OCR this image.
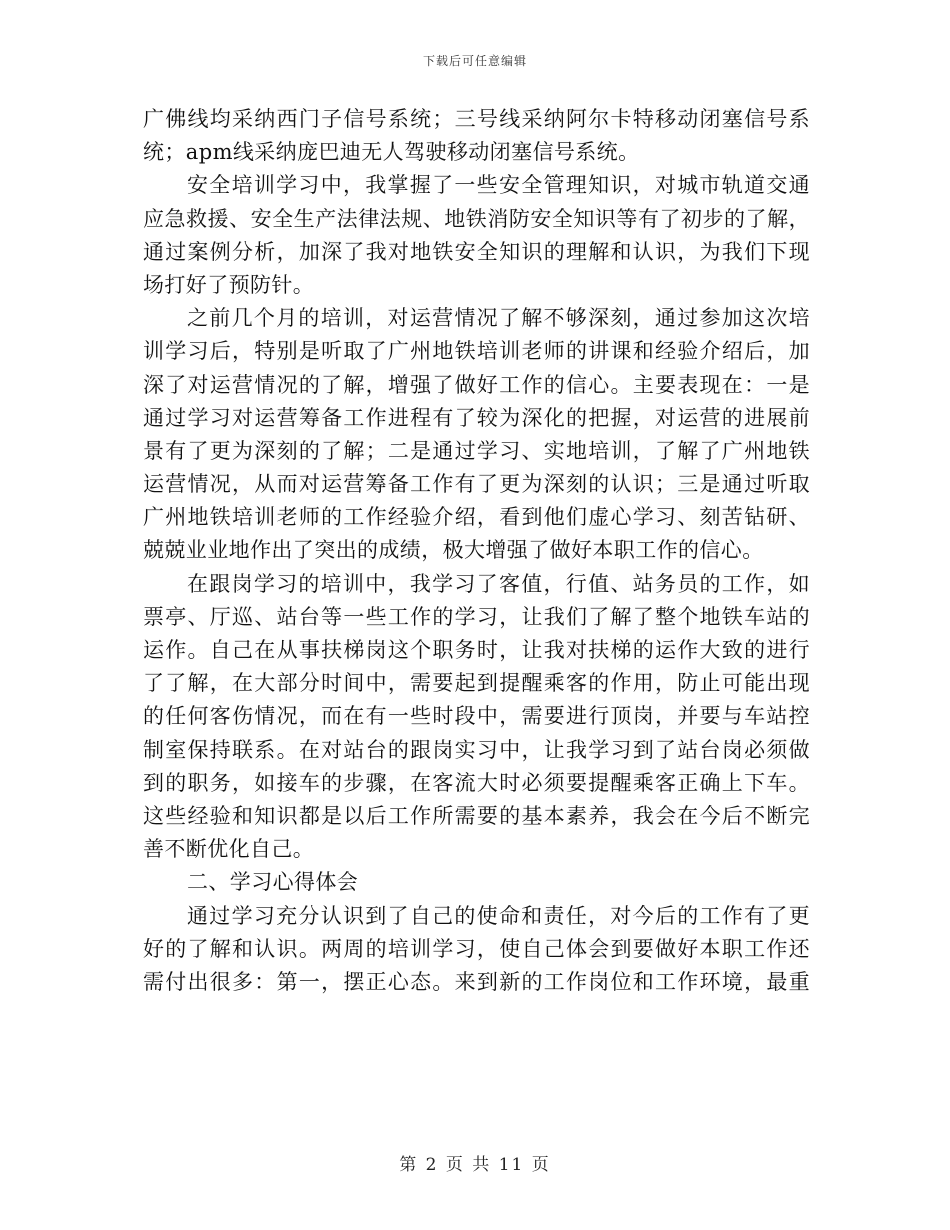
下载后可任意编辑
广佛线均采纳西门子信号系统；三号线采纳阿尔卡特移动闭塞信号系
统；apm线采纳庞巴迪无人驾驶移动闭塞信号系统。
安全培训学习中，我掌握了一些安全管理知识，对城市轨道交通
应急救援、安全生产法律法规、地铁消防安全知识等有了初步的了解，
通过案例分析，加深了我对地铁安全知识的理解和认识，为我们下现
场打好了预防针。
之前几个月的培训，对运营情况了解不够深刻，通过参加这次培
训学习后，特别是听取了广州地铁培训老师的讲课和经验介绍后，加
深了对运营情况的了解，增强了做好工作的信心。主要表现在：一是
通过学习对运营筹备工作进程有了较为深化的把握，对运营的进展前
景有了更为深刻的了解；二是通过学习、实地培训，了解了广州地铁
运营情况，从而对运营筹备工作有了更为深刻的认识；三是通过听取
广州地铁培训老师的工作经验介绍，看到他们虚心学习、刻苦钻研、
兢兢业业地作出了突出的成绩，极大增强了做好本职工作的信心。
在跟岗学习的培训中，我学习了客值，行值、站务员的工作，如
票亭、厅巡、站台等一些工作的学习，让我们了解了整个地铁车站的
运作。自己在从事扶梯岗这个职务时，让我对扶梯的运作大致的进行
了了解，在大部分时间中，需要起到提醒乘客的作用，防止可能出现
的任何客伤情况，而在有一些时段中，需要进行顶岗，并要与车站控
制室保持联系。在对站台的跟岗实习中，让我学习到了站台岗必须做
到的职务，如接车的步骤，在客流大时必须要提醒乘客正确上下车。
这些经验和知识都是以后工作所需要的基本素养，我会在今后不断完
善不断优化自己。
二、学习心得体会
通过学习充分认识到了自己的使命和责任，对今后的工作有了更
好的了解和认识。两周的培训学习，使自己体会到要做好本职工作还
需付出很多：第一，摆正心态。来到新的工作岗位和工作环境，最重
第 2 页 共 11 页
